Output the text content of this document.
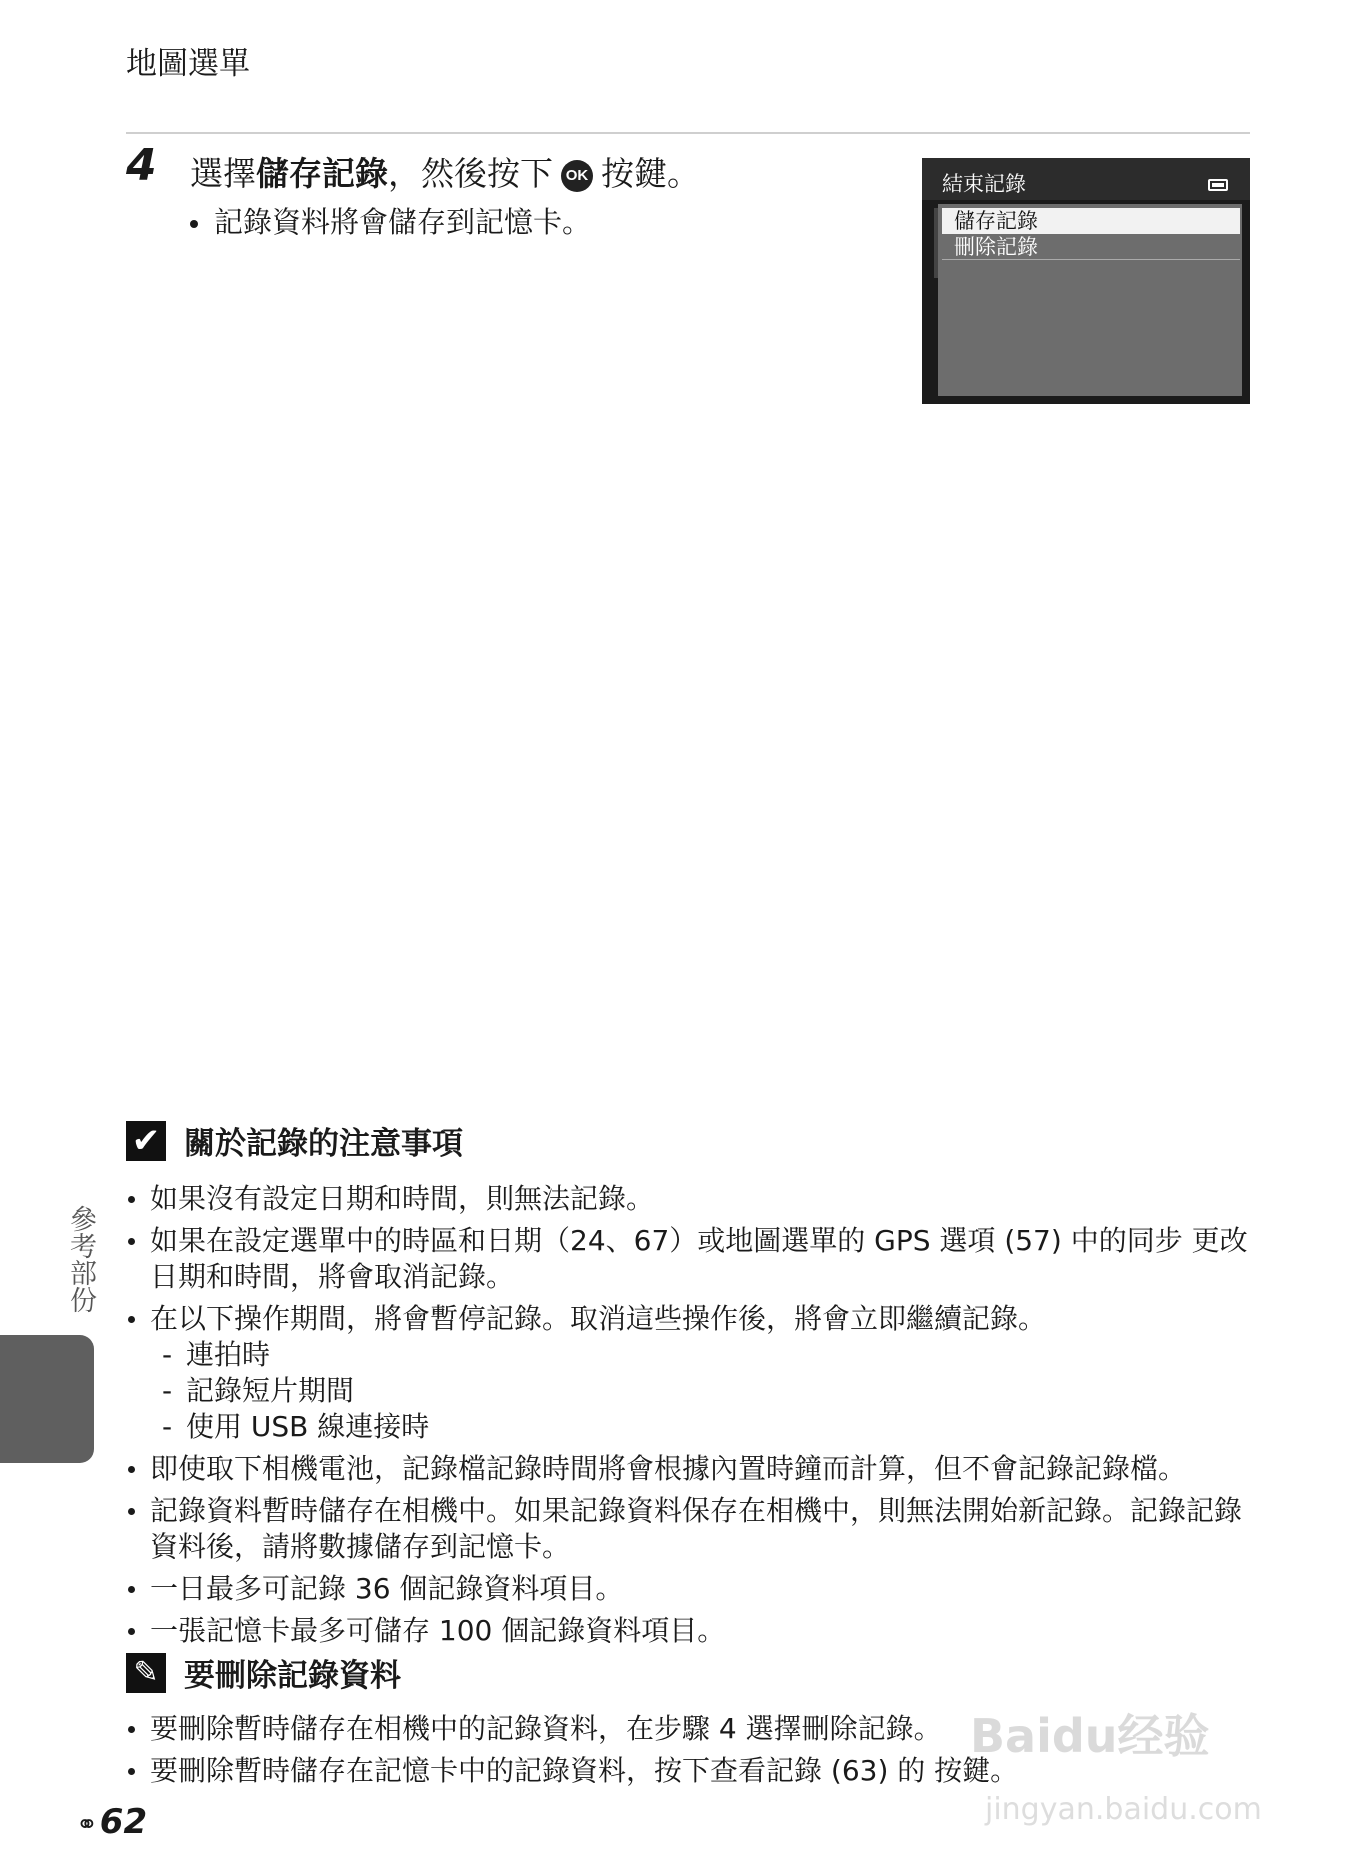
地圖選單
4 選擇儲存記錄，然後按下 OK 按鍵。
記錄資料將會儲存到記憶卡。
結束記錄
儲存記錄
刪除記錄
✔ 關於記錄的注意事項
如果沒有設定日期和時間，則無法記錄。
如果在設定選單中的時區和日期（24、67）或地圖選單的 GPS 選項 (57) 中的同步 更改日期和時間，將會取消記錄。
在以下操作期間，將會暫停記錄。取消這些操作後，將會立即繼續記錄。
- 連拍時
- 記錄短片期間
- 使用 USB 線連接時
即使取下相機電池，記錄檔記錄時間將會根據內置時鐘而計算，但不會記錄記錄檔。
記錄資料暫時儲存在相機中。如果記錄資料保存在相機中，則無法開始新記錄。記錄記錄資料後，請將數據儲存到記憶卡。
一日最多可記錄 36 個記錄資料項目。
一張記憶卡最多可儲存 100 個記錄資料項目。
✎ 要刪除記錄資料
要刪除暫時儲存在相機中的記錄資料，在步驟 4 選擇刪除記錄。
要刪除暫時儲存在記憶卡中的記錄資料，按下查看記錄 (63) 的 按鍵。
參考部份
⚭62
Baidu经验
jingyan.baidu.com
